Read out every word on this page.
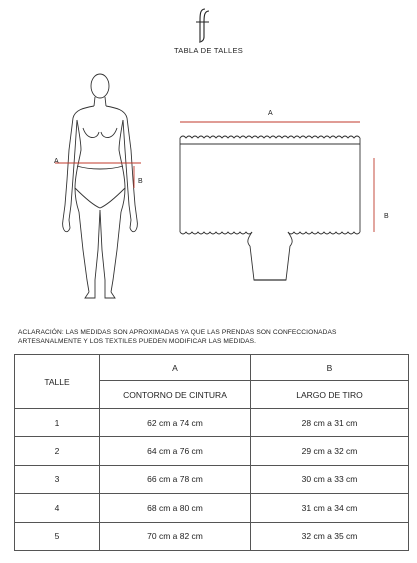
TABLA DE TALLES
A
B
A
B
ACLARACIÓN: LAS MEDIDAS SON APROXIMADAS YA QUE LAS PRENDAS SON CONFECCIONADAS
ARTESANALMENTE Y LOS TEXTILES PUEDEN MODIFICAR LAS MEDIDAS.
TALLE	A	B
	CONTORNO DE CINTURA	LARGO DE TIRO
1	62 cm a 74 cm	28 cm a 31 cm
2	64 cm a 76 cm	29 cm a 32 cm
3	66 cm a 78 cm	30 cm a 33 cm
4	68 cm a 80 cm	31 cm a 34 cm
5	70 cm a 82 cm	32 cm a 35 cm
